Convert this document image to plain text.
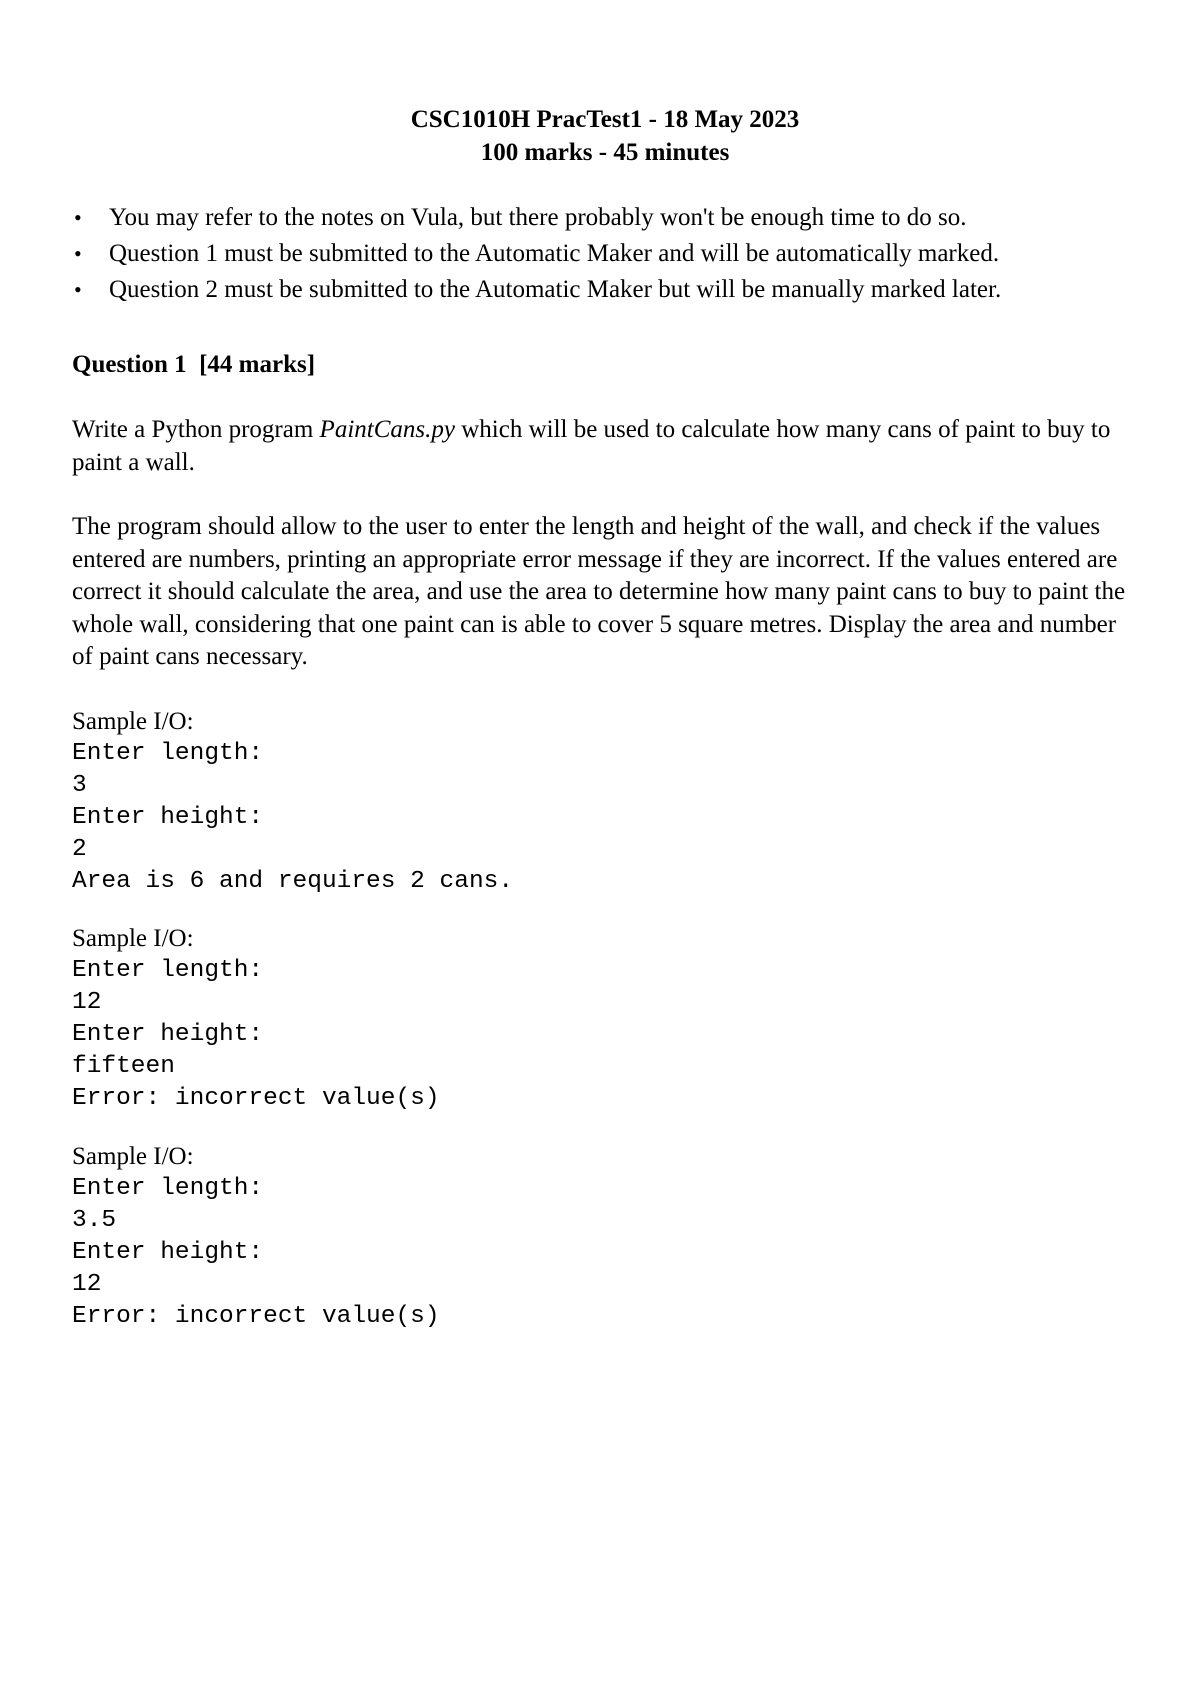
CSC1010H PracTest1 - 18 May 2023
100 marks - 45 minutes
• You may refer to the notes on Vula, but there probably won't be enough time to do so.
• Question 1 must be submitted to the Automatic Maker and will be automatically marked.
• Question 2 must be submitted to the Automatic Maker but will be manually marked later.
Question 1  [44 marks]

Write a Python program PaintCans.py which will be used to calculate how many cans of paint to buy to paint a wall.

The program should allow to the user to enter the length and height of the wall, and check if the values entered are numbers, printing an appropriate error message if they are incorrect. If the values entered are correct it should calculate the area, and use the area to determine how many paint cans to buy to paint the whole wall, considering that one paint can is able to cover 5 square metres. Display the area and number of paint cans necessary.

Sample I/O:
Enter length:
3
Enter height:
2
Area is 6 and requires 2 cans.
Sample I/O:
Enter length:
12
Enter height:
fifteen
Error: incorrect value(s)
Sample I/O:
Enter length:
3.5
Enter height:
12
Error: incorrect value(s)
